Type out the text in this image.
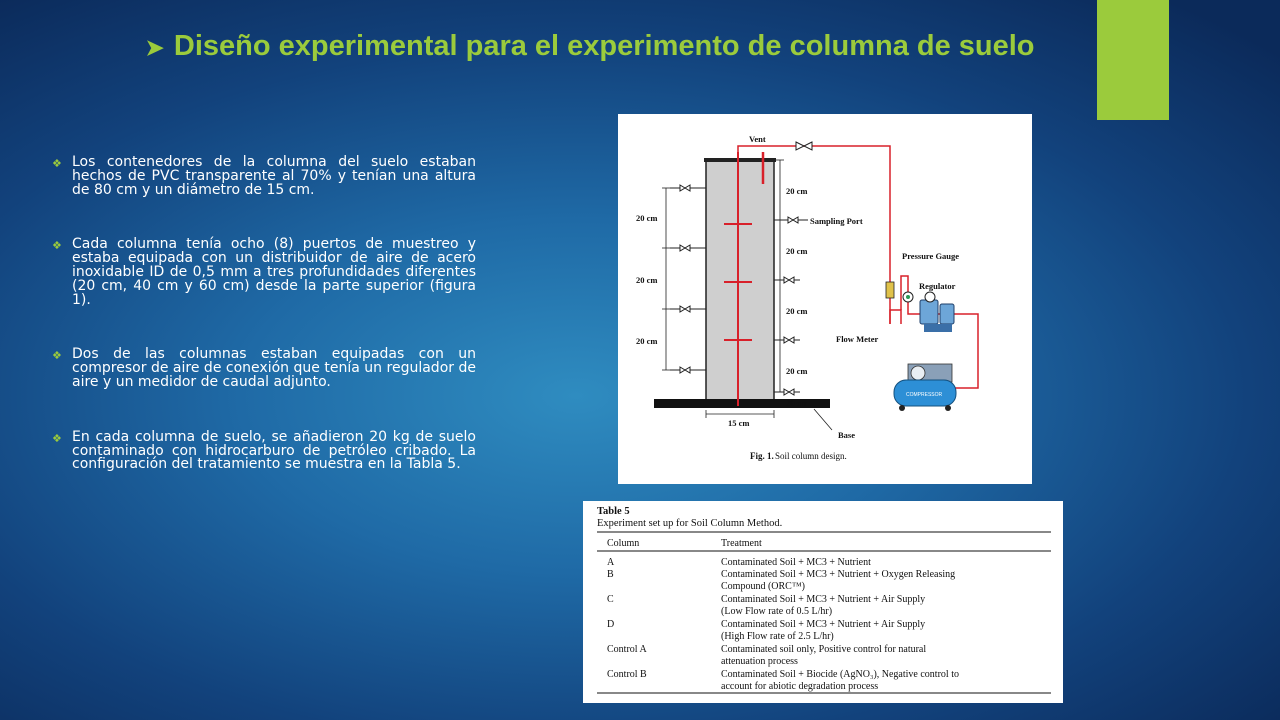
➤ Diseño experimental para el experimento de columna de suelo
❖ Los contenedores de la columna del suelo estaban hechos de PVC transparente al 70% y tenían una altura de 80 cm y un diámetro de 15 cm.
❖ Cada columna tenía ocho (8) puertos de muestreo y estaba equipada con un distribuidor de aire de acero inoxidable ID de 0,5 mm a tres profundidades diferentes (20 cm, 40 cm y 60 cm) desde la parte superior (figura 1).
❖ Dos de las columnas estaban equipadas con un compresor de aire de conexión que tenía un regulador de aire y un medidor de caudal adjunto.
❖ En cada columna de suelo, se añadieron 20 kg de suelo contaminado con hidrocarburo de petróleo cribado. La configuración del tratamiento se muestra en la Tabla 5.
Vent
Sampling Port
Pressure Gauge
Regulator
Flow Meter
Base
20 cm
20 cm
20 cm
20 cm
20 cm
20 cm
20 cm
20 cm
15 cm
COMPRESSOR
Fig. 1. Soil column design.
Table 5
Experiment set up for Soil Column Method.
Column	Treatment
A	Contaminated Soil + MC3 + Nutrient
B	Contaminated Soil + MC3 + Nutrient + Oxygen Releasing
Compound (ORC™)
C	Contaminated Soil + MC3 + Nutrient + Air Supply
(Low Flow rate of 0.5 L/hr)
D	Contaminated Soil + MC3 + Nutrient + Air Supply
(High Flow rate of 2.5 L/hr)
Control A	Contaminated soil only, Positive control for natural
attenuation process
Control B	Contaminated Soil + Biocide (AgNO₃), Negative control to
account for abiotic degradation process
